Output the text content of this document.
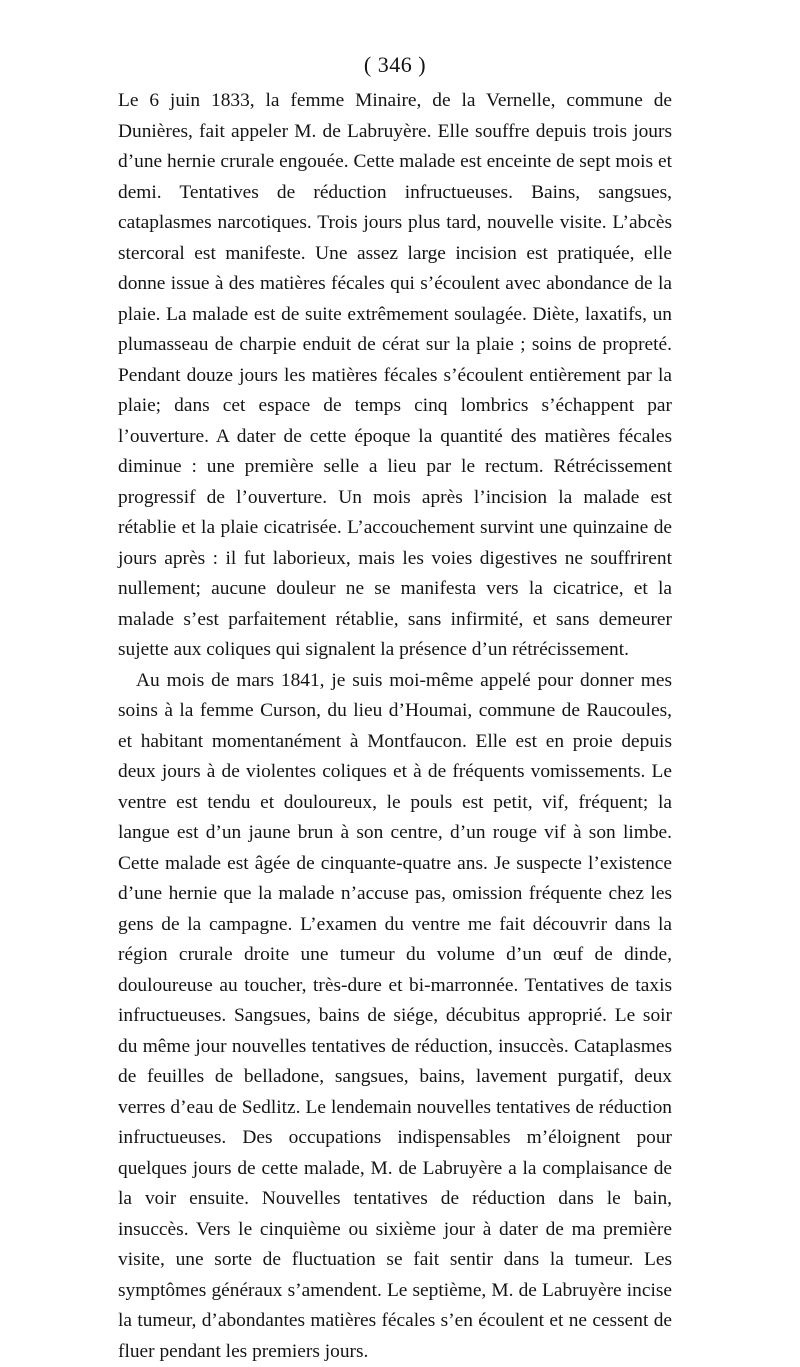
( 346 )

Le 6 juin 1833, la femme Minaire, de la Vernelle, commune de Dunières, fait appeler M. de Labruyère. Elle souffre depuis trois jours d’une hernie crurale engouée. Cette malade est enceinte de sept mois et demi. Tentatives de réduction infructueuses. Bains, sangsues, cataplasmes narcotiques. Trois jours plus tard, nouvelle visite. L’abcès stercoral est manifeste. Une assez large incision est pratiquée, elle donne issue à des matières fécales qui s’écoulent avec abondance de la plaie. La malade est de suite extrêmement soulagée. Diète, laxatifs, un plumasseau de charpie enduit de cérat sur la plaie ; soins de propreté. Pendant douze jours les matières fécales s’écoulent entièrement par la plaie; dans cet espace de temps cinq lombrics s’échappent par l’ouverture. A dater de cette époque la quantité des matières fécales diminue : une première selle a lieu par le rectum. Rétrécissement progressif de l’ouverture. Un mois après l’incision la malade est rétablie et la plaie cicatrisée. L’accouchement survint une quinzaine de jours après : il fut laborieux, mais les voies digestives ne souffrirent nullement; aucune douleur ne se manifesta vers la cicatrice, et la malade s’est parfaitement rétablie, sans infirmité, et sans demeurer sujette aux coliques qui signalent la présence d’un rétrécissement.

Au mois de mars 1841, je suis moi-même appelé pour donner mes soins à la femme Curson, du lieu d’Houmai, commune de Raucoules, et habitant momentanément à Montfaucon. Elle est en proie depuis deux jours à de violentes coliques et à de fréquents vomissements. Le ventre est tendu et douloureux, le pouls est petit, vif, fréquent; la langue est d’un jaune brun à son centre, d’un rouge vif à son limbe. Cette malade est âgée de cinquante-quatre ans. Je suspecte l’existence d’une hernie que la malade n’accuse pas, omission fréquente chez les gens de la campagne. L’examen du ventre me fait découvrir dans la région crurale droite une tumeur du volume d’un œuf de dinde, douloureuse au toucher, très-dure et bi-marronnée. Tentatives de taxis infructueuses. Sangsues, bains de siége, décubitus approprié. Le soir du même jour nouvelles tentatives de réduction, insuccès. Cataplasmes de feuilles de belladone, sangsues, bains, lavement purgatif, deux verres d’eau de Sedlitz. Le lendemain nouvelles tentatives de réduction infructueuses. Des occupations indispensables m’éloignent pour quelques jours de cette malade, M. de Labruyère a la complaisance de la voir ensuite. Nouvelles tentatives de réduction dans le bain, insuccès. Vers le cinquième ou sixième jour à dater de ma première visite, une sorte de fluctuation se fait sentir dans la tumeur. Les symptômes généraux s’amendent. Le septième, M. de Labruyère incise la tumeur, d’abondantes matières fécales s’en écoulent et ne cessent de fluer pendant les premiers jours.
